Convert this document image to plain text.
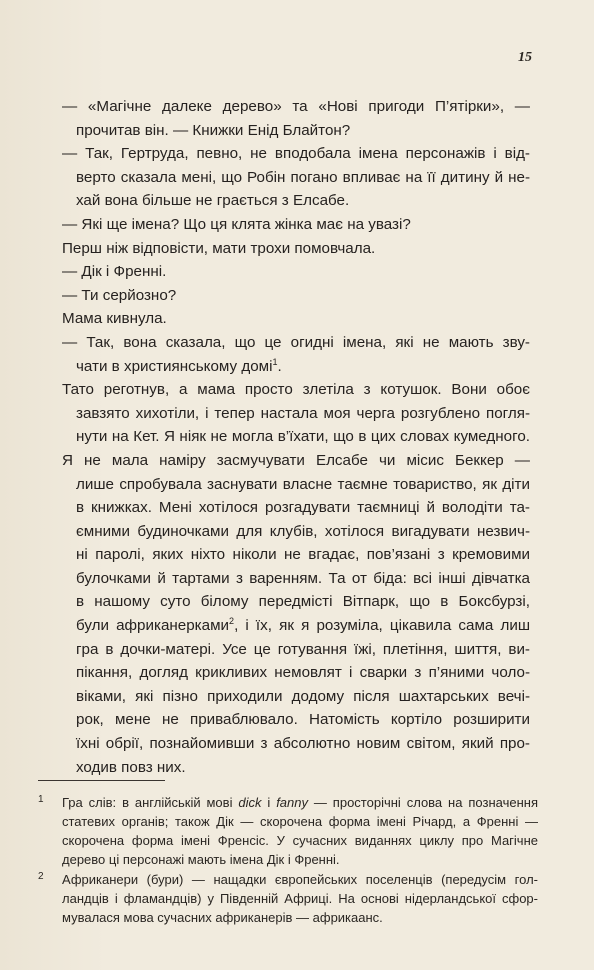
15
— «Магічне далеке дерево» та «Нові пригоди П’ятірки», —
прочитав він. — Книжки Енід Блайтон?
— Так, Гертруда, певно, не вподобала імена персонажів і від-
верто сказала мені, що Робін погано впливає на її дитину й не-
хай вона більше не грається з Елсабе.
— Які ще імена? Що ця клята жінка має на увазі?
Перш ніж відповісти, мати трохи помовчала.
— Дік і Френні.
— Ти серйозно?
Мама кивнула.
— Так, вона сказала, що це огидні імена, які не мають зву-
чати в християнському домі$^1$.
Тато реготнув, а мама просто злетіла з котушок. Вони обоє
завзято хихотіли, і тепер настала моя черга розгублено погля-
нути на Кет. Я ніяк не могла в’їхати, що в цих словах кумедного.
Я не мала наміру засмучувати Елсабе чи місис Беккер —
лише спробувала заснувати власне таємне товариство, як діти
в книжках. Мені хотілося розгадувати таємниці й володіти та-
ємними будиночками для клубів, хотілося вигадувати незвич-
ні паролі, яких ніхто ніколи не вгадає, пов’язані з кремовими
булочками й тартами з варенням. Та от біда: всі інші дівчатка
в нашому суто білому передмісті Вітпарк, що в Боксбурзі,
були африканерками$^2$, і їх, як я розуміла, цікавила сама лиш
гра в дочки-матері. Усе це готування їжі, плетіння, шиття, ви-
пікання, догляд крикливих немовлят і сварки з п’яними чоло-
віками, які пізно приходили додому після шахтарських вечі-
рок, мене не приваблювало. Натомість кортіло розширити
їхні обрії, познайомивши з абсолютно новим світом, який про-
ходив повз них.
1 Гра слів: в англійській мові dick і fanny — просторічні слова на позначення
статевих органів; також Дік — скорочена форма імені Річард, а Френні —
скорочена форма імені Френсіс. У сучасних виданнях циклу про Магічне
дерево ці персонажі мають імена Дік і Френні.
2 Африканери (бури) — нащадки європейських поселенців (передусім гол-
ландців і фламандців) у Південній Африці. На основі нідерландської сфор-
мувалася мова сучасних африканерів — африкаанс.
